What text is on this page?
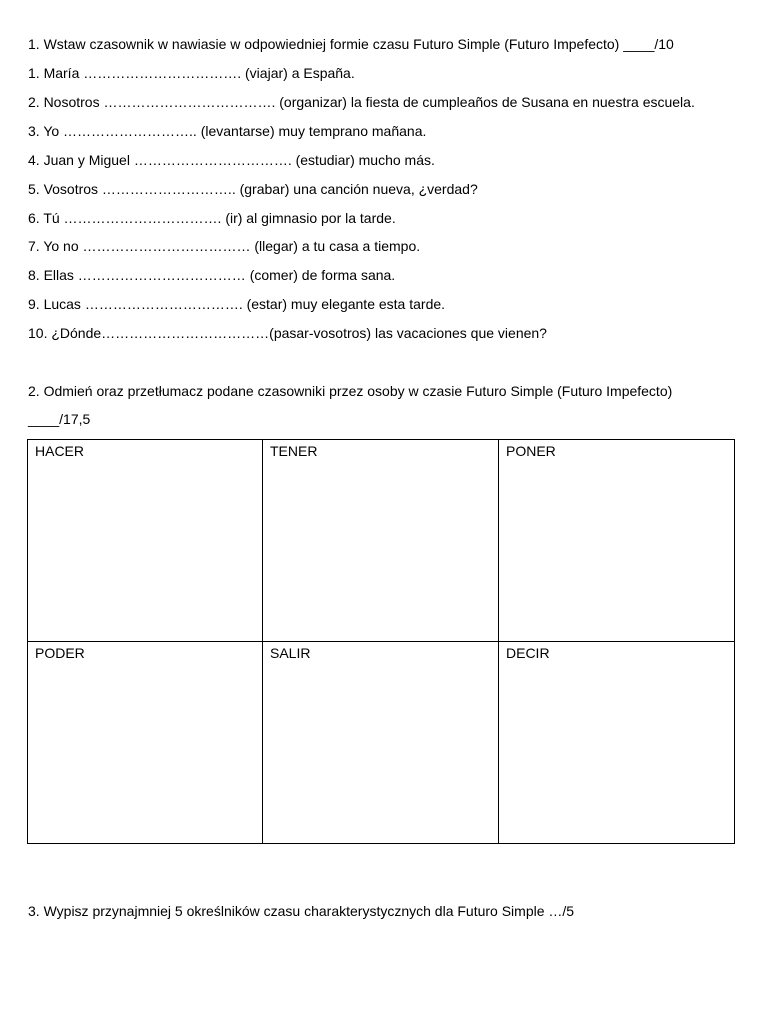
1. Wstaw czasownik w nawiasie w odpowiedniej formie czasu Futuro Simple (Futuro Impefecto) ____/10
1. María ……………………………. (viajar) a España.
2. Nosotros ………………………………. (organizar) la fiesta de cumpleaños de Susana en nuestra escuela.
3. Yo ……………………….. (levantarse) muy temprano mañana.
4. Juan y Miguel ……………………………. (estudiar) mucho más.
5. Vosotros ……………………….. (grabar) una canción nueva, ¿verdad?
6. Tú ……………………………. (ir) al gimnasio por la tarde.
7. Yo no ……………………………… (llegar) a tu casa a tiempo.
8. Ellas ……………………………… (comer) de forma sana.
9. Lucas ……………………………. (estar) muy elegante esta tarde.
10. ¿Dónde………………………………(pasar-vosotros) las vacaciones que vienen?
2. Odmień oraz przetłumacz podane czasowniki przez osoby w czasie Futuro Simple (Futuro Impefecto)
____/17,5
HACER	TENER	PONER
PODER	SALIR	DECIR
3. Wypisz przynajmniej 5 określników czasu charakterystycznych dla Futuro Simple …/5
